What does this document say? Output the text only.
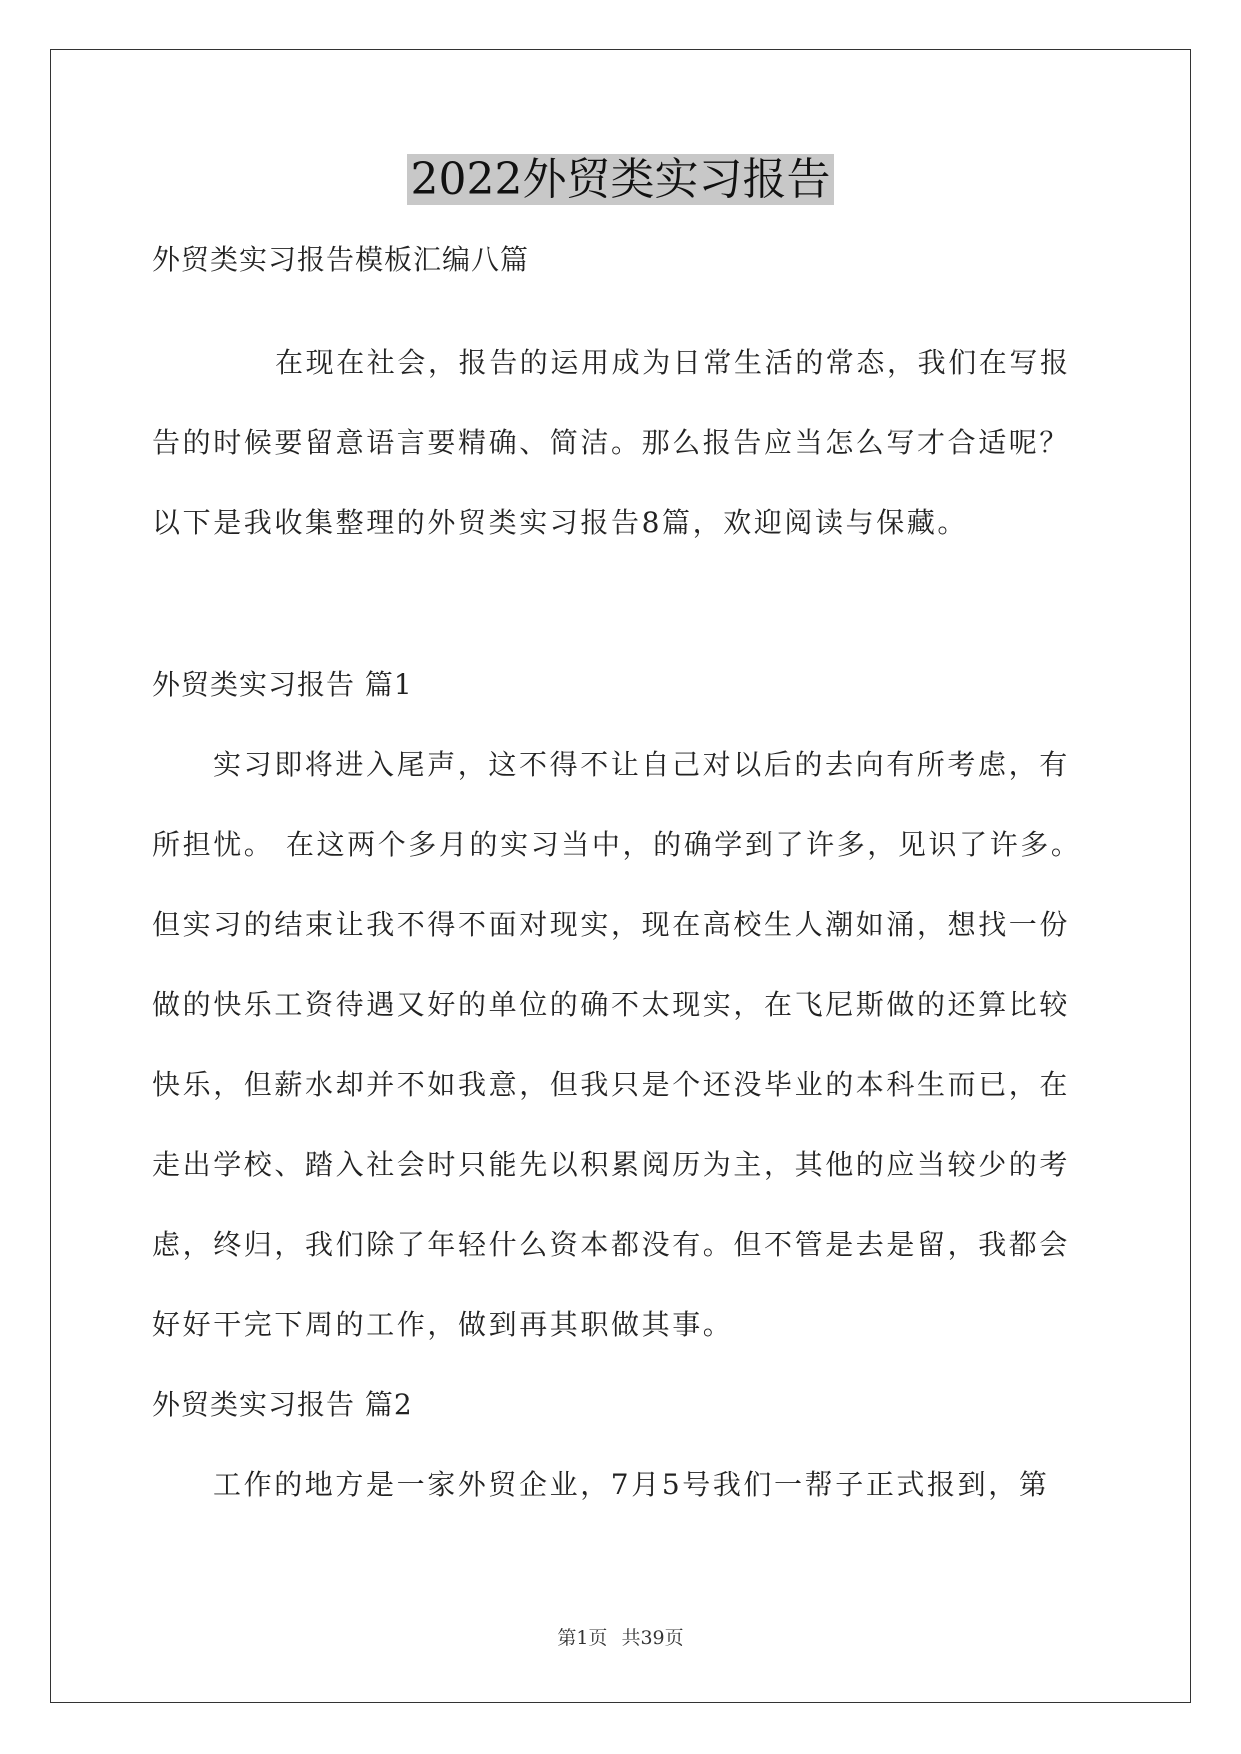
2022外贸类实习报告
外贸类实习报告模板汇编八篇
在现在社会，报告的运用成为日常生活的常态，我们在写报
告的时候要留意语言要精确、简洁。那么报告应当怎么写才合适呢？
以下是我收集整理的外贸类实习报告8篇，欢迎阅读与保藏。
外贸类实习报告 篇1
实习即将进入尾声，这不得不让自己对以后的去向有所考虑，有
所担忧。 在这两个多月的实习当中，的确学到了许多，见识了许多。
但实习的结束让我不得不面对现实，现在高校生人潮如涌，想找一份
做的快乐工资待遇又好的单位的确不太现实，在飞尼斯做的还算比较
快乐，但薪水却并不如我意，但我只是个还没毕业的本科生而已，在
走出学校、踏入社会时只能先以积累阅历为主，其他的应当较少的考
虑，终归，我们除了年轻什么资本都没有。但不管是去是留，我都会
好好干完下周的工作，做到再其职做其事。
外贸类实习报告 篇2
工作的地方是一家外贸企业，7月5号我们一帮子正式报到，第
第1页 共39页
